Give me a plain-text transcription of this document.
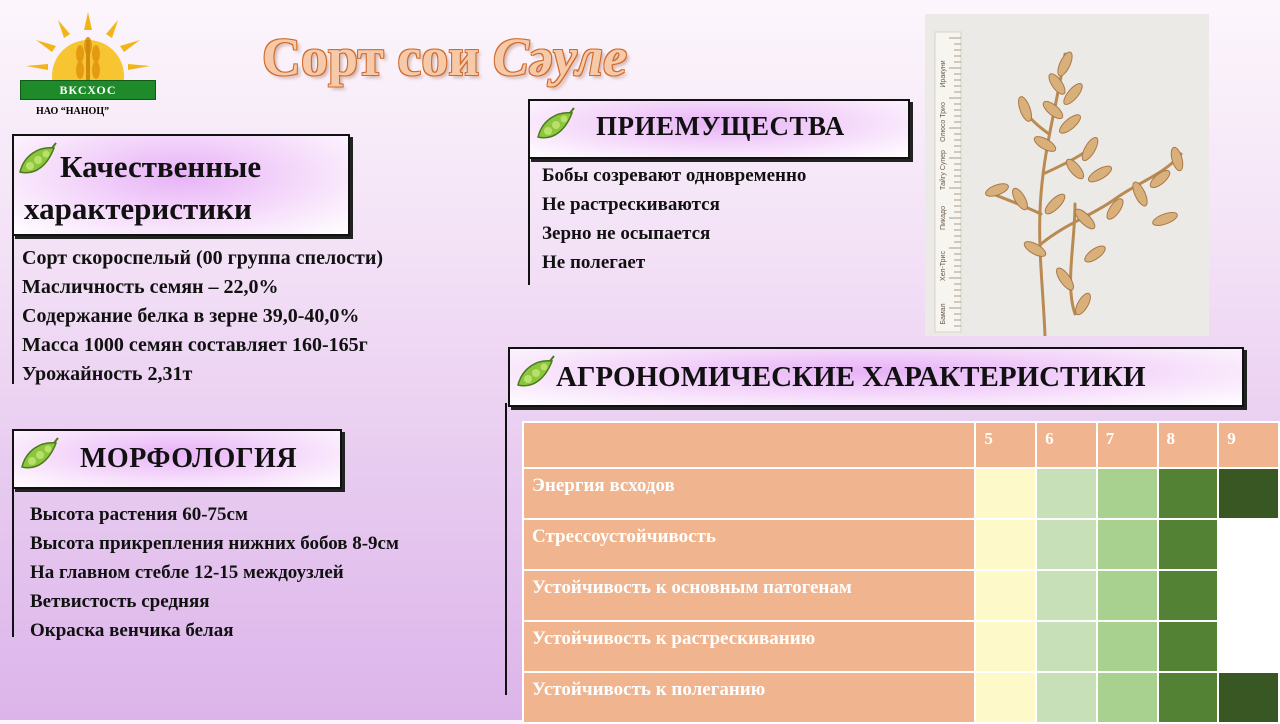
ВКСХОС
НАО “НАНОЦ”
Сорт сои Сәуле
Качественные
характеристики
Сорт скороспелый (00 группа спелости)
Масличность семян – 22,0%
Содержание белка в зерне 39,0-40,0%
Масса 1000 семян составляет 160-165г
Урожайность 2,31т
ПРИЕМУЩЕСТВА
Бобы созревают одновременно
Не растрескиваются
Зерно не осыпается
Не полегает
МОРФОЛОГИЯ
Высота растения 60-75см
Высота прикрепления нижних бобов 8-9см
На главном стебле 12-15 междоузлей
Ветвистость средняя
Окраска венчика белая
Иракуни
Олюсо Трио
Тайгу Супер
Пикадо
Хел-Трис
Бамал
АГРОНОМИЧЕСКИЕ ХАРАКТЕРИСТИКИ
	5	6	7	8	9
Энергия всходов					
Стрессоустойчивость					
Устойчивость к основным патогенам					
Устойчивость к растрескиванию					
Устойчивость к полеганию					
